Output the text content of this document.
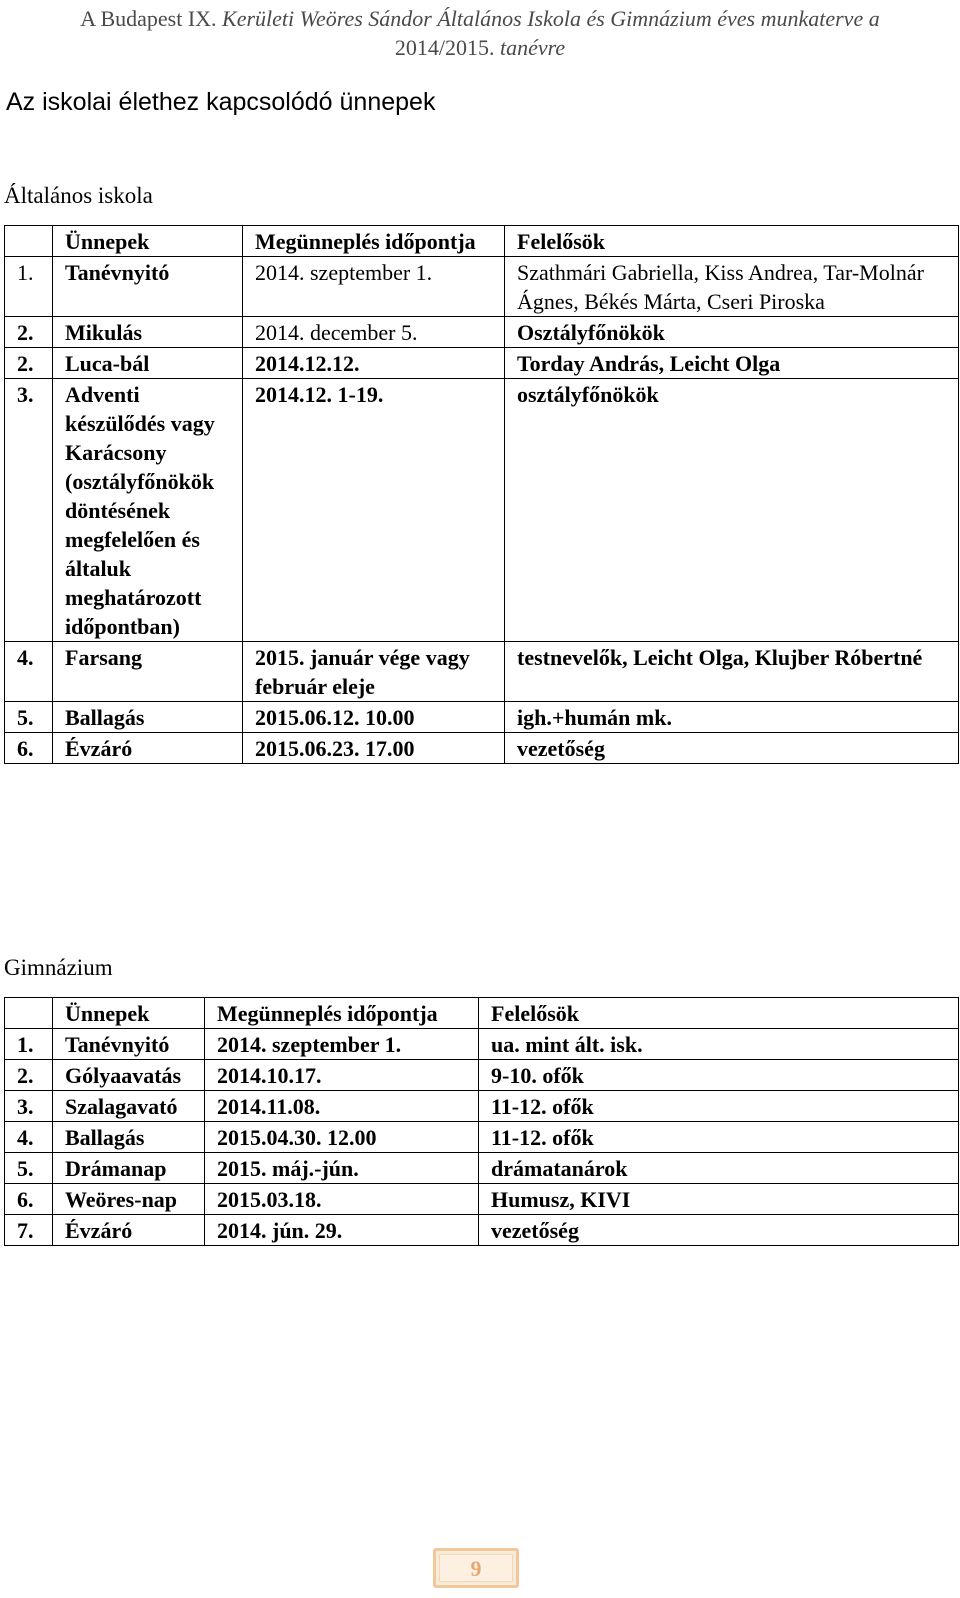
A Budapest IX. Kerületi Weöres Sándor Általános Iskola és Gimnázium éves munkaterve a
2014/2015. tanévre
Az iskolai élethez kapcsolódó ünnepek
Általános iskola
	Ünnepek	Megünneplés időpontja	Felelősök
1.	Tanévnyitó	2014. szeptember 1.	Szathmári Gabriella, Kiss Andrea, Tar-Molnár Ágnes, Békés Márta, Cseri Piroska
2.	Mikulás	2014. december 5.	Osztályfőnökök
2.	Luca-bál	2014.12.12.	Torday András, Leicht Olga
3.	Adventi készülődés vagy Karácsony (osztályfőnökök döntésének megfelelően és általuk meghatározott időpontban)	2014.12. 1-19.	osztályfőnökök
4.	Farsang	2015. január vége vagy február eleje	testnevelők, Leicht Olga, Klujber Róbertné
5.	Ballagás	2015.06.12. 10.00	igh.+humán mk.
6.	Évzáró	2015.06.23. 17.00	vezetőség
Gimnázium
	Ünnepek	Megünneplés időpontja	Felelősök
1.	Tanévnyitó	2014. szeptember 1.	ua. mint ált. isk.
2.	Gólyaavatás	2014.10.17.	9-10. ofők
3.	Szalagavató	2014.11.08.	11-12. ofők
4.	Ballagás	2015.04.30. 12.00	11-12. ofők
5.	Drámanap	2015. máj.-jún.	drámatanárok
6.	Weöres-nap	2015.03.18.	Humusz, KIVI
7.	Évzáró	2014. jún. 29.	vezetőség
9
